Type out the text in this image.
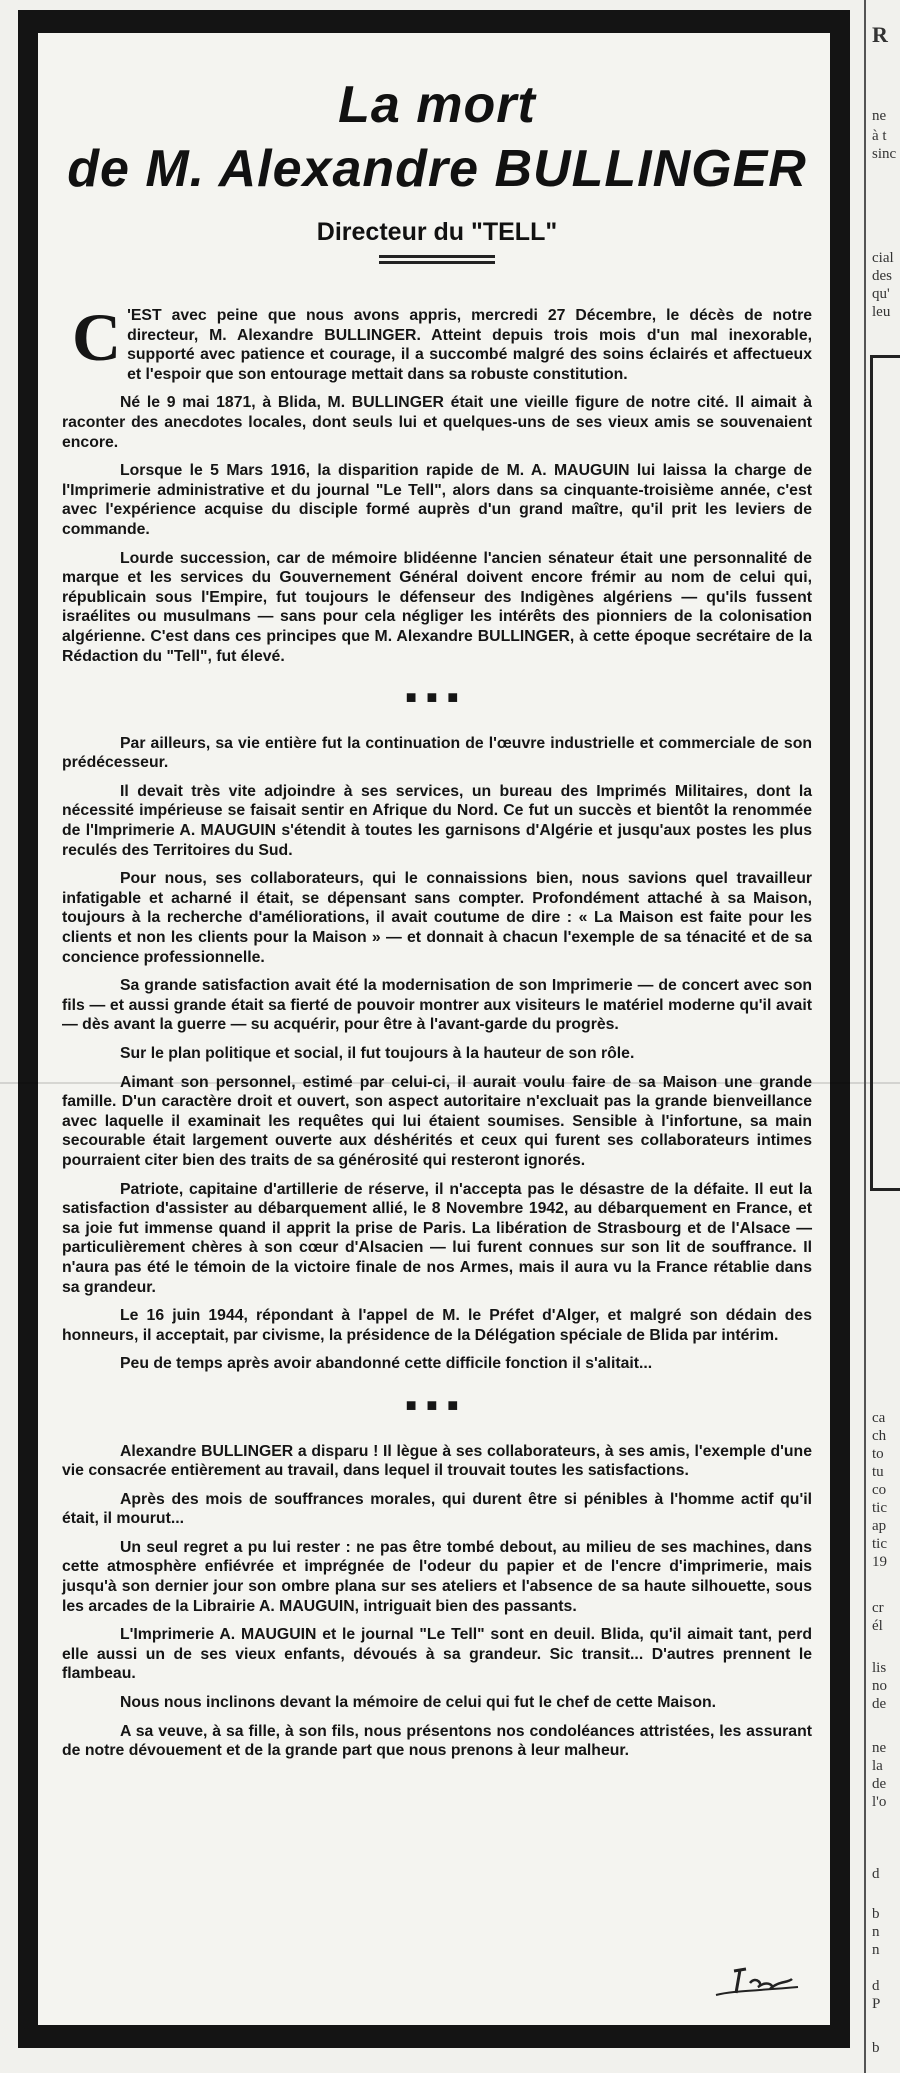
La mort
de M. Alexandre BULLINGER
Directeur du "TELL"

C 'EST avec peine que nous avons appris, mercredi 27 Décembre, le décès de notre directeur, M. Alexandre BULLINGER. Atteint depuis trois mois d'un mal inexorable, supporté avec patience et courage, il a succombé malgré des soins éclairés et affectueux et l'espoir que son entourage mettait dans sa robuste constitution.

Né le 9 mai 1871, à Blida, M. BULLINGER était une vieille figure de notre cité. Il aimait à raconter des anecdotes locales, dont seuls lui et quelques-uns de ses vieux amis se souvenaient encore.

Lorsque le 5 Mars 1916, la disparition rapide de M. A. MAUGUIN lui laissa la charge de l'Imprimerie administrative et du journal "Le Tell", alors dans sa cinquante-troisième année, c'est avec l'expérience acquise du disciple formé auprès d'un grand maître, qu'il prit les leviers de commande.

Lourde succession, car de mémoire blidéenne l'ancien sénateur était une personnalité de marque et les services du Gouvernement Général doivent encore frémir au nom de celui qui, républicain sous l'Empire, fut toujours le défenseur des Indigènes algériens — qu'ils fussent israélites ou musulmans — sans pour cela négliger les intérêts des pionniers de la colonisation algérienne. C'est dans ces principes que M. Alexandre BULLINGER, à cette époque secrétaire de la Rédaction du "Tell", fut élevé.

■■■

Par ailleurs, sa vie entière fut la continuation de l'œuvre industrielle et commerciale de son prédécesseur.

Il devait très vite adjoindre à ses services, un bureau des Imprimés Militaires, dont la nécessité impérieuse se faisait sentir en Afrique du Nord. Ce fut un succès et bientôt la renommée de l'Imprimerie A. MAUGUIN s'étendit à toutes les garnisons d'Algérie et jusqu'aux postes les plus reculés des Territoires du Sud.

Pour nous, ses collaborateurs, qui le connaissions bien, nous savions quel travailleur infatigable et acharné il était, se dépensant sans compter. Profondément attaché à sa Maison, toujours à la recherche d'améliorations, il avait coutume de dire : « La Maison est faite pour les clients et non les clients pour la Maison » — et donnait à chacun l'exemple de sa ténacité et de sa concience professionnelle.

Sa grande satisfaction avait été la modernisation de son Imprimerie — de concert avec son fils — et aussi grande était sa fierté de pouvoir montrer aux visiteurs le matériel moderne qu'il avait — dès avant la guerre — su acquérir, pour être à l'avant-garde du progrès.

Sur le plan politique et social, il fut toujours à la hauteur de son rôle.

Aimant son personnel, estimé par celui-ci, il aurait voulu faire de sa Maison une grande famille. D'un caractère droit et ouvert, son aspect autoritaire n'excluait pas la grande bienveillance avec laquelle il examinait les requêtes qui lui étaient soumises. Sensible à l'infortune, sa main secourable était largement ouverte aux déshérités et ceux qui furent ses collaborateurs intimes pourraient citer bien des traits de sa générosité qui resteront ignorés.

Patriote, capitaine d'artillerie de réserve, il n'accepta pas le désastre de la défaite. Il eut la satisfaction d'assister au débarquement allié, le 8 Novembre 1942, au débarquement en France, et sa joie fut immense quand il apprit la prise de Paris. La libération de Strasbourg et de l'Alsace — particulièrement chères à son cœur d'Alsacien — lui furent connues sur son lit de souffrance. Il n'aura pas été le témoin de la victoire finale de nos Armes, mais il aura vu la France rétablie dans sa grandeur.

Le 16 juin 1944, répondant à l'appel de M. le Préfet d'Alger, et malgré son dédain des honneurs, il acceptait, par civisme, la présidence de la Délégation spéciale de Blida par intérim.

Peu de temps après avoir abandonné cette difficile fonction il s'alitait...

■■■

Alexandre BULLINGER a disparu ! Il lègue à ses collaborateurs, à ses amis, l'exemple d'une vie consacrée entièrement au travail, dans lequel il trouvait toutes les satisfactions.

Après des mois de souffrances morales, qui durent être si pénibles à l'homme actif qu'il était, il mourut...

Un seul regret a pu lui rester : ne pas être tombé debout, au milieu de ses machines, dans cette atmosphère enfiévrée et imprégnée de l'odeur du papier et de l'encre d'imprimerie, mais jusqu'à son dernier jour son ombre plana sur ses ateliers et l'absence de sa haute silhouette, sous les arcades de la Librairie A. MAUGUIN, intriguait bien des passants.

L'Imprimerie A. MAUGUIN et le journal "Le Tell" sont en deuil. Blida, qu'il aimait tant, perd elle aussi un de ses vieux enfants, dévoués à sa grandeur. Sic transit... D'autres prennent le flambeau.

Nous nous inclinons devant la mémoire de celui qui fut le chef de cette Maison.

A sa veuve, à sa fille, à son fils, nous présentons nos condoléances attristées, les assurant de notre dévouement et de la grande part que nous prenons à leur malheur.

R
ne
à t
sinc
cial
des
qu'
leu
ca
ch
to
tu
co
tic
ap
tic
19
cr
él
lis
no
de
ne
la
de
l'o
d
b
n
n
d
P
b
